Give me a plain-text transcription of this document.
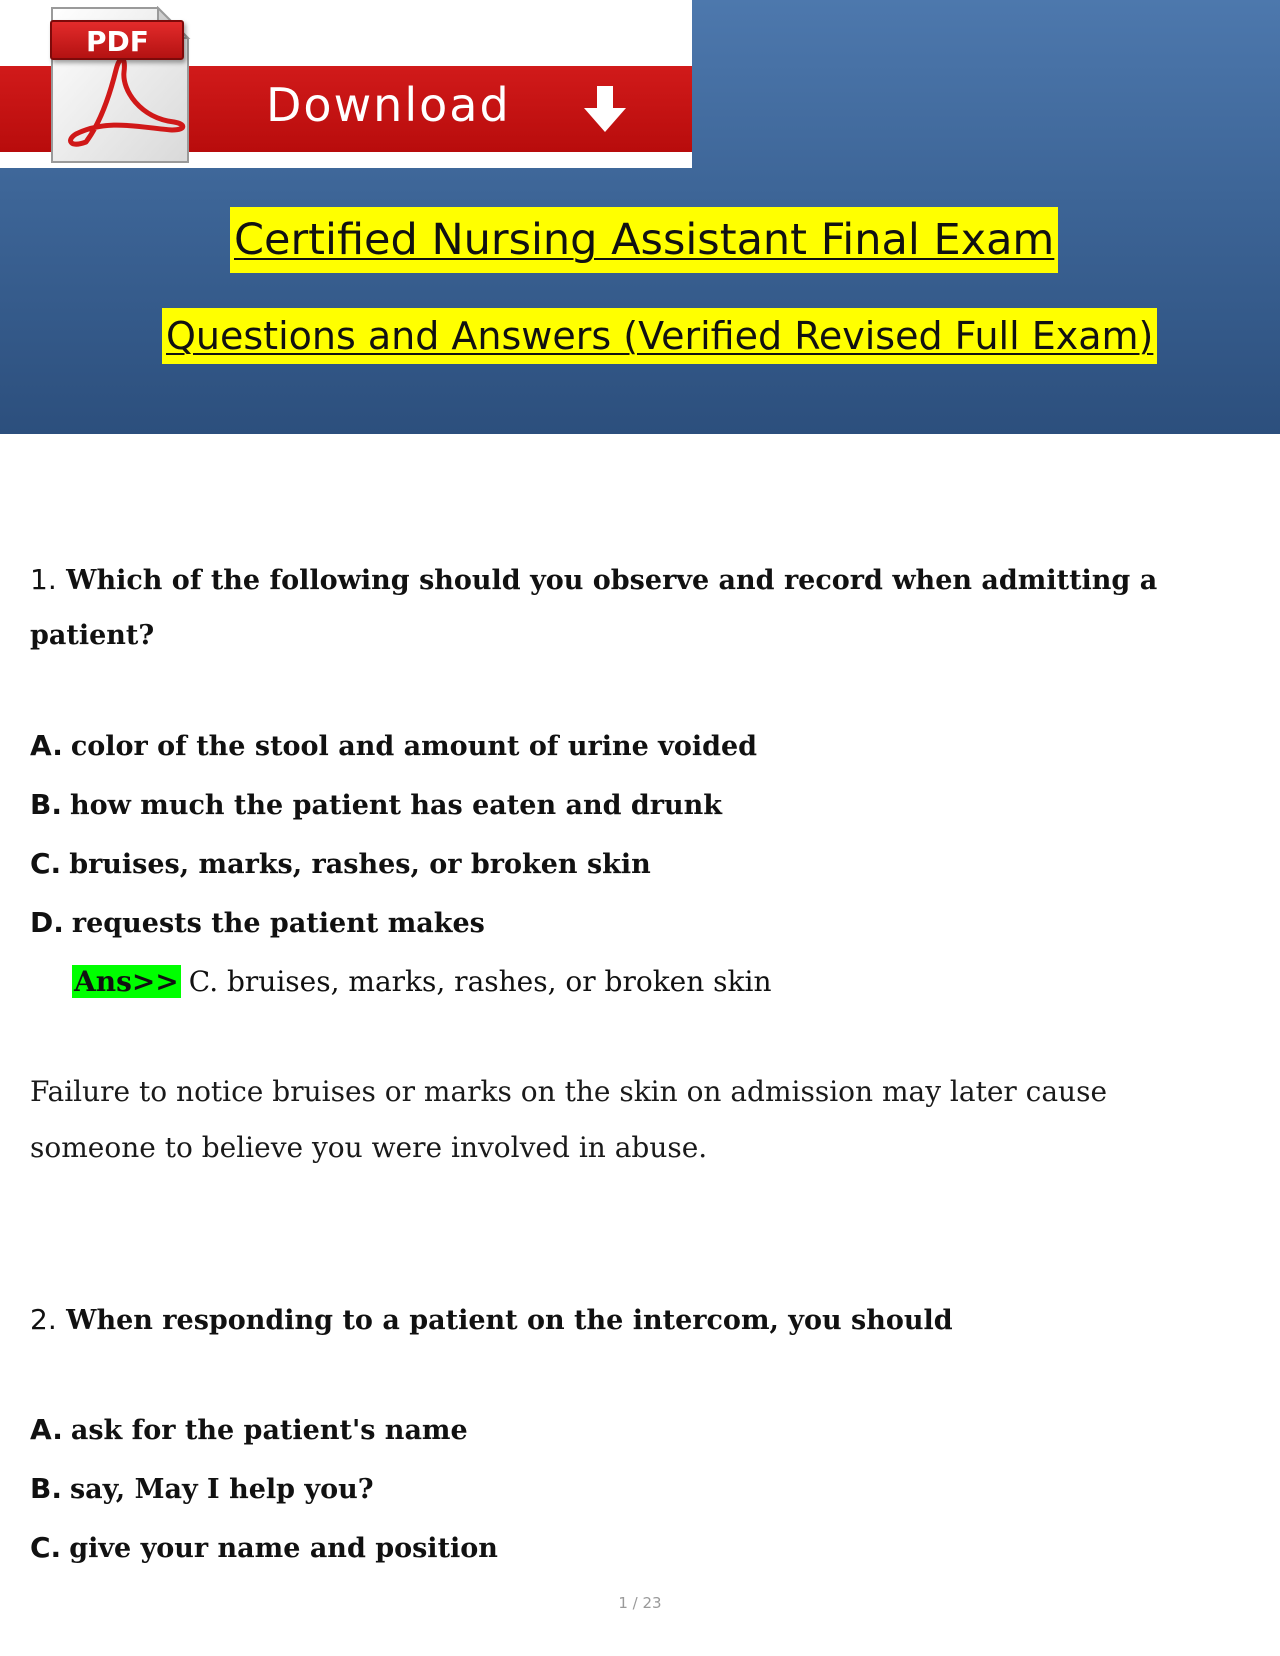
Download
PDF
Certified Nursing Assistant Final Exam
Questions and Answers (Verified Revised Full Exam)
1. Which of the following should you observe and record when admitting a
patient?
A. color of the stool and amount of urine voided
B. how much the patient has eaten and drunk
C. bruises, marks, rashes, or broken skin
D. requests the patient makes
Ans>> C. bruises, marks, rashes, or broken skin

Failure to notice bruises or marks on the skin on admission may later cause someone to believe you were involved in abuse.

2. When responding to a patient on the intercom, you should
A. ask for the patient's name
B. say, May I help you?
C. give your name and position
1 / 23
